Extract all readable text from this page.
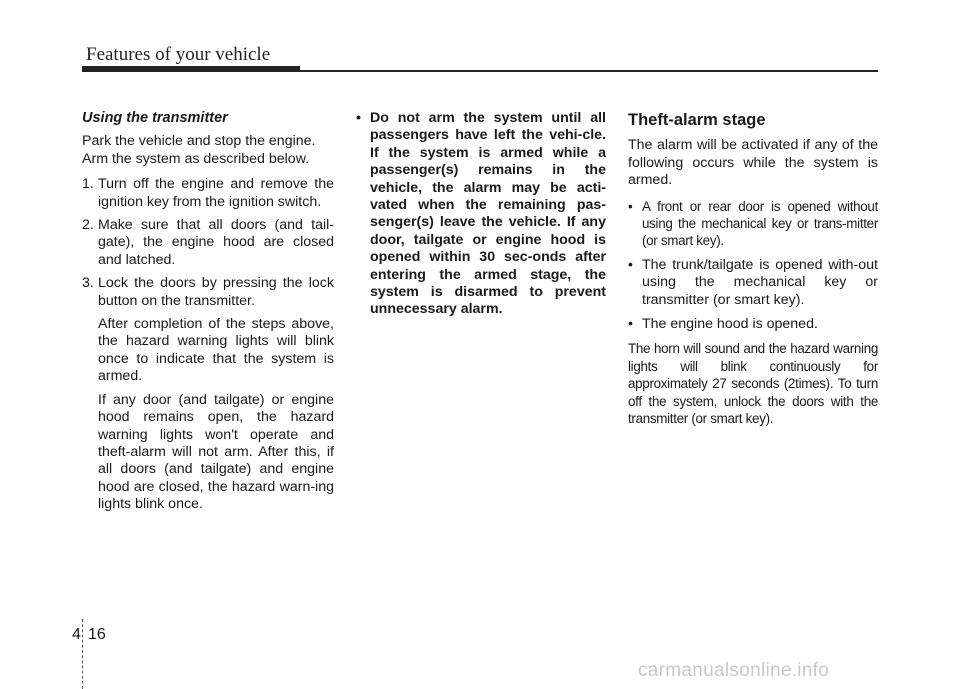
Features of your vehicle
Using the transmitter

Park the vehicle and stop the engine. Arm the system as described below.

1. Turn off the engine and remove the ignition key from the ignition switch.
2. Make sure that all doors (and tail-gate), the engine hood are closed and latched.
3. Lock the doors by pressing the lock button on the transmitter.
After completion of the steps above, the hazard warning lights will blink once to indicate that the system is armed.
If any door (and tailgate) or engine hood remains open, the hazard warning lights won't operate and theft-alarm will not arm. After this, if all doors (and tailgate) and engine hood are closed, the hazard warn-ing lights blink once.
• Do not arm the system until all passengers have left the vehi-cle. If the system is armed while a passenger(s) remains in the vehicle, the alarm may be acti-vated when the remaining pas-senger(s) leave the vehicle. If any door, tailgate or engine hood is opened within 30 sec-onds after entering the armed stage, the system is disarmed to prevent unnecessary alarm.
Theft-alarm stage

The alarm will be activated if any of the following occurs while the system is armed.

• A front or rear door is opened without using the mechanical key or trans-mitter (or smart key).
• The trunk/tailgate is opened with-out using the mechanical key or transmitter (or smart key).
• The engine hood is opened.

The horn will sound and the hazard warning lights will blink continuously for approximately 27 seconds (2times). To turn off the system, unlock the doors with the transmitter (or smart key).

4 16
carmanualsonline.info
